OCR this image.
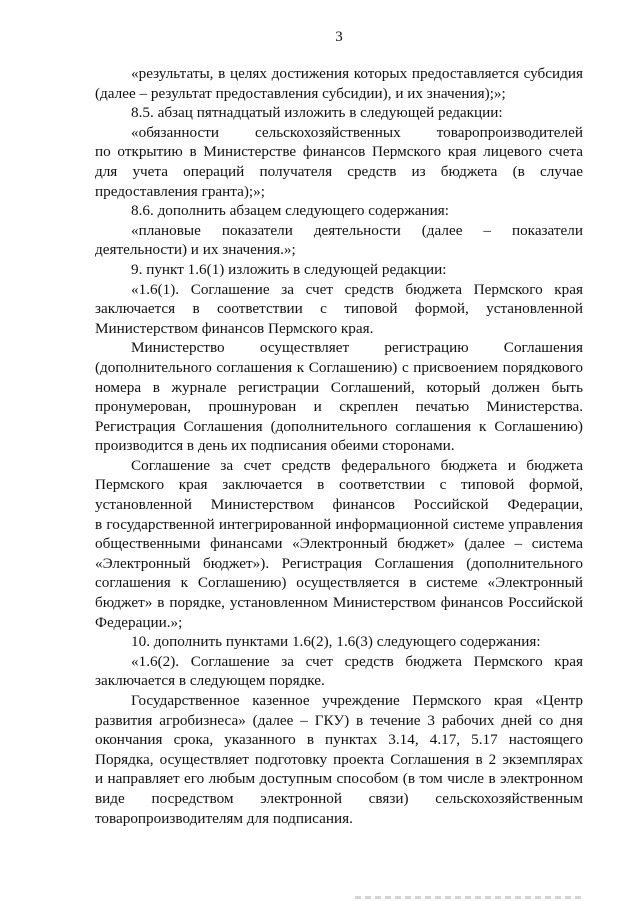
3
«результаты, в целях достижения которых предоставляется субсидия
(далее – результат предоставления субсидии), и их значения);»;
8.5. абзац пятнадцатый изложить в следующей редакции:
«обязанности сельскохозяйственных товаропроизводителей
по открытию в Министерстве финансов Пермского края лицевого счета
для учета операций получателя средств из бюджета (в случае
предоставления гранта);»;
8.6. дополнить абзацем следующего содержания:
«плановые показатели деятельности (далее – показатели
деятельности) и их значения.»;
9. пункт 1.6(1) изложить в следующей редакции:
«1.6(1). Соглашение за счет средств бюджета Пермского края
заключается в соответствии с типовой формой, установленной
Министерством финансов Пермского края.
Министерство осуществляет регистрацию Соглашения
(дополнительного соглашения к Соглашению) с присвоением порядкового
номера в журнале регистрации Соглашений, который должен быть
пронумерован, прошнурован и скреплен печатью Министерства.
Регистрация Соглашения (дополнительного соглашения к Соглашению)
производится в день их подписания обеими сторонами.
Соглашение за счет средств федерального бюджета и бюджета
Пермского края заключается в соответствии с типовой формой,
установленной Министерством финансов Российской Федерации,
в государственной интегрированной информационной системе управления
общественными финансами «Электронный бюджет» (далее – система
«Электронный бюджет»). Регистрация Соглашения (дополнительного
соглашения к Соглашению) осуществляется в системе «Электронный
бюджет» в порядке, установленном Министерством финансов Российской
Федерации.»;
10. дополнить пунктами 1.6(2), 1.6(3) следующего содержания:
«1.6(2). Соглашение за счет средств бюджета Пермского края
заключается в следующем порядке.
Государственное казенное учреждение Пермского края «Центр
развития агробизнеса» (далее – ГКУ) в течение 3 рабочих дней со дня
окончания срока, указанного в пунктах 3.14, 4.17, 5.17 настоящего
Порядка, осуществляет подготовку проекта Соглашения в 2 экземплярах
и направляет его любым доступным способом (в том числе в электронном
виде посредством электронной связи) сельскохозяйственным
товаропроизводителям для подписания.
